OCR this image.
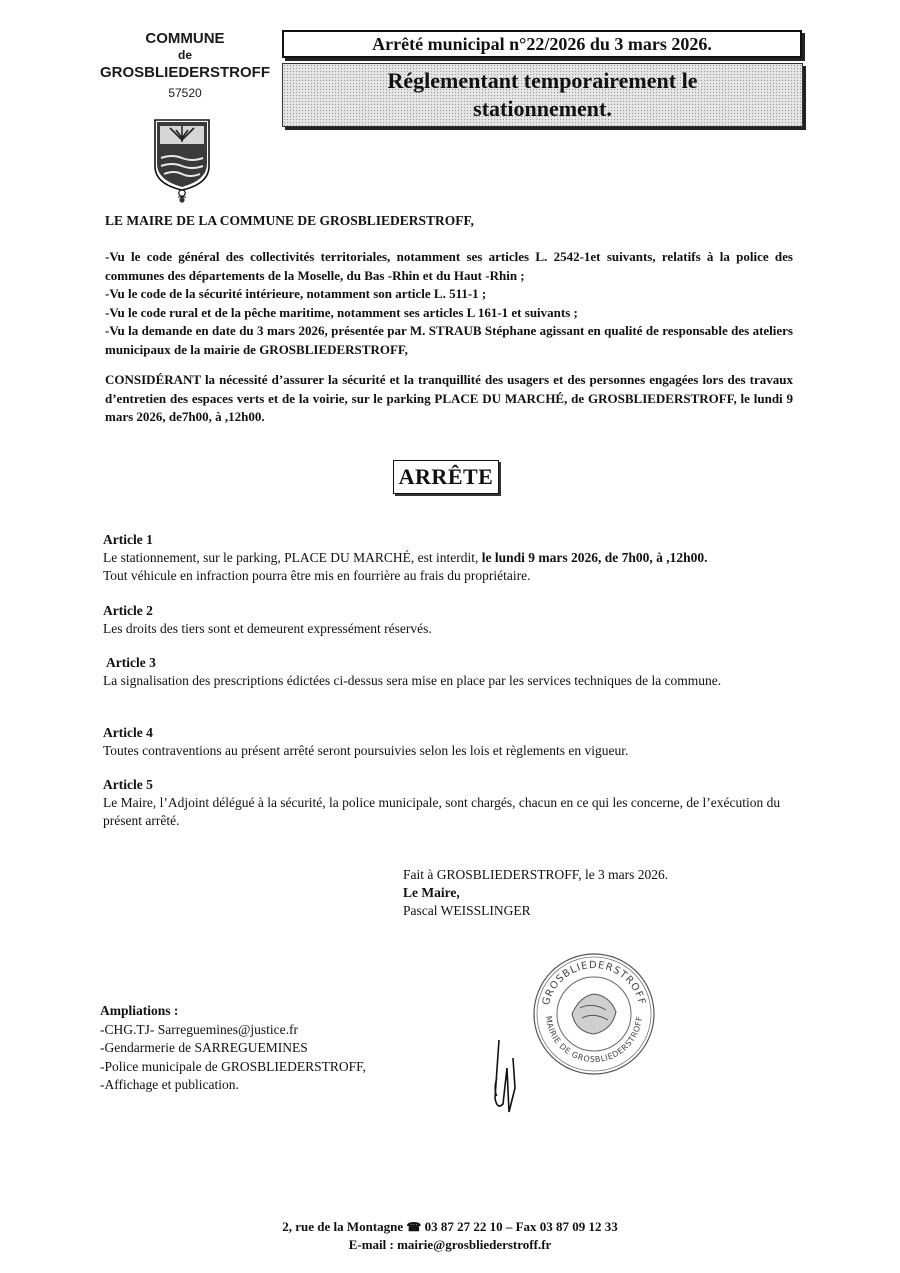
COMMUNE
de
GROSBLIEDERSTROFF
57520
Arrêté municipal n°22/2026 du 3 mars 2026.
Réglementant temporairement le
stationnement.
LE MAIRE DE LA COMMUNE DE GROSBLIEDERSTROFF,

-Vu le code général des collectivités territoriales, notamment ses articles L. 2542-1et suivants, relatifs à la police des communes des départements de la Moselle, du Bas -Rhin et du Haut -Rhin ;

-Vu le code de la sécurité intérieure, notamment son article L. 511-1 ;

-Vu le code rural et de la pêche maritime, notamment ses articles L 161-1 et suivants ;

-Vu la demande en date du 3 mars 2026, présentée par M. STRAUB Stéphane agissant en qualité de responsable des ateliers municipaux de la mairie de GROSBLIEDERSTROFF,

CONSIDÉRANT la nécessité d’assurer la sécurité et la tranquillité des usagers et des personnes engagées lors des travaux d’entretien des espaces verts et de la voirie, sur le parking PLACE DU MARCHÉ, de GROSBLIEDERSTROFF, le lundi 9 mars 2026, de7h00, à ,12h00.

ARRÊTE
Article 1
Le stationnement, sur le parking, PLACE DU MARCHÉ, est interdit, le lundi 9 mars 2026, de 7h00, à ,12h00.
Tout véhicule en infraction pourra être mis en fourrière au frais du propriétaire.
Article 2
Les droits des tiers sont et demeurent expressément réservés.
Article 3
La signalisation des prescriptions édictées ci-dessus sera mise en place par les services techniques de la commune.
Article 4
Toutes contraventions au présent arrêté seront poursuivies selon les lois et règlements en vigueur.
Article 5
Le Maire, l’Adjoint délégué à la sécurité, la police municipale, sont chargés, chacun en ce qui les concerne, de l’exécution du présent arrêté.
Fait à GROSBLIEDERSTROFF, le 3 mars 2026.
Le Maire,
Pascal WEISSLINGER
GROSBLIEDERSTROFF
MAIRIE DE GROSBLIEDERSTROFF
Ampliations :
-CHG.TJ- Sarreguemines@justice.fr
-Gendarmerie de SARREGUEMINES
-Police municipale de GROSBLIEDERSTROFF,
-Affichage et publication.
2, rue de la Montagne ☎ 03 87 27 22 10 – Fax 03 87 09 12 33
E-mail : mairie@grosbliederstroff.fr
